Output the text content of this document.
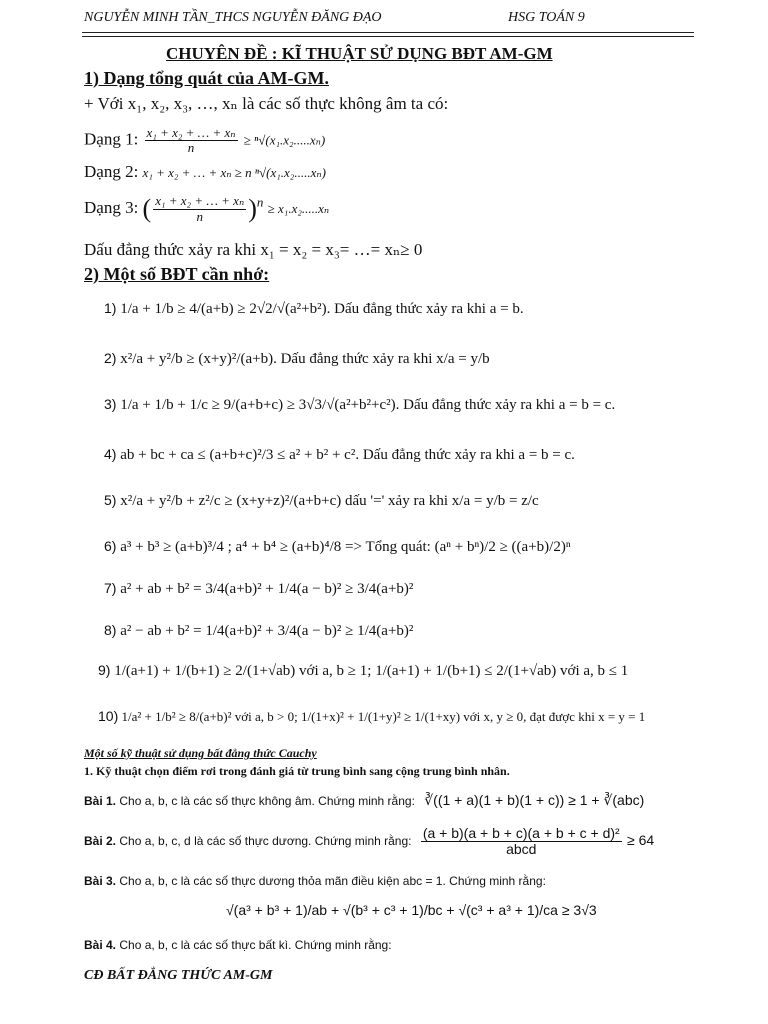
NGUYỄN MINH TẦN_THCS NGUYỄN ĐĂNG ĐẠO	HSG TOÁN 9
CHUYÊN ĐỀ : KĨ THUẬT SỬ DỤNG BĐT AM-GM
1) Dạng tổng quát của AM-GM.
+ Với x₁, x₂, x₃, …, xₙ là các số thực không âm ta có:
Dạng 1: $\frac{\text{x₁ + x₂ + … + xₙ}}{n} \ge ^n√(x_1.x_2.....x_n)$
Dạng 2: x₁ + x₂ + … + xₙ ≥ n ⁿ√(x₁.x₂.....xₙ)
Dạng 3: ( $\frac{\text{x₁ + x₂ + … + xₙ}}{n} )^n \ge x_1.x_2.....x_n$
Dấu đẳng thức xảy ra khi x₁ = x₂ = x₃= …= xₙ≥ 0
2) Một số BĐT cần nhớ:
1) 1/a + 1/b ≥ 4/(a+b) ≥ 2√2/√(a²+b²). Dấu đẳng thức xảy ra khi a = b.
2) x²/a + y²/b ≥ (x+y)²/(a+b). Dấu đẳng thức xảy ra khi x/a = y/b
3) 1/a + 1/b + 1/c ≥ 9/(a+b+c) ≥ 3√3/√(a²+b²+c²). Dấu đẳng thức xảy ra khi a = b = c.
4) ab + bc + ca ≤ (a+b+c)²/3 ≤ a² + b² + c². Dấu đẳng thức xảy ra khi a = b = c.
5) x²/a + y²/b + z²/c ≥ (x+y+z)²/(a+b+c) dấu '=' xảy ra khi x/a = y/b = z/c
6) a³ + b³ ≥ (a+b)³/4 ; a⁴ + b⁴ ≥ (a+b)⁴/8 => Tổng quát: (aⁿ + bⁿ)/2 ≥ ((a+b)/2)ⁿ
7) a² + ab + b² = 3/4(a+b)² + 1/4(a − b)² ≥ 3/4(a+b)²
8) a² − ab + b² = 1/4(a+b)² + 3/4(a − b)² ≥ 1/4(a+b)²
9) 1/(a+1) + 1/(b+1) ≥ 2/(1+√ab) với a, b ≥ 1; 1/(a+1) + 1/(b+1) ≤ 2/(1+√ab) với a, b ≤ 1
10) 1/a² + 1/b² ≥ 8/(a+b)² với a, b > 0; 1/(1+x)² + 1/(1+y)² ≥ 1/(1+xy) với x, y ≥ 0, đạt được khi x = y = 1
Một số kỹ thuật sử dụng bất đẳng thức Cauchy
1. Kỹ thuật chọn điểm rơi trong đánh giá từ trung bình sang cộng trung bình nhân.
Bài 1. Cho a, b, c là các số thực không âm. Chứng minh rằng: ∛((1 + a)(1 + b)(1 + c)) ≥ 1 + ∛(abc)
Bài 2. Cho a, b, c, d là các số thực dương. Chứng minh rằng: $\frac{\text{(a + b)(a + b + c)(a + b + c + d)²}}{\text{abcd}} \ge 64$
Bài 3. Cho a, b, c là các số thực dương thỏa mãn điều kiện abc = 1. Chứng minh rằng:
√(a³ + b³ + 1)/ab + √(b³ + c³ + 1)/bc + √(c³ + a³ + 1)/ca ≥ 3√3
Bài 4. Cho a, b, c là các số thực bất kì. Chứng minh rằng:
CĐ BẤT ĐẲNG THỨC AM-GM
